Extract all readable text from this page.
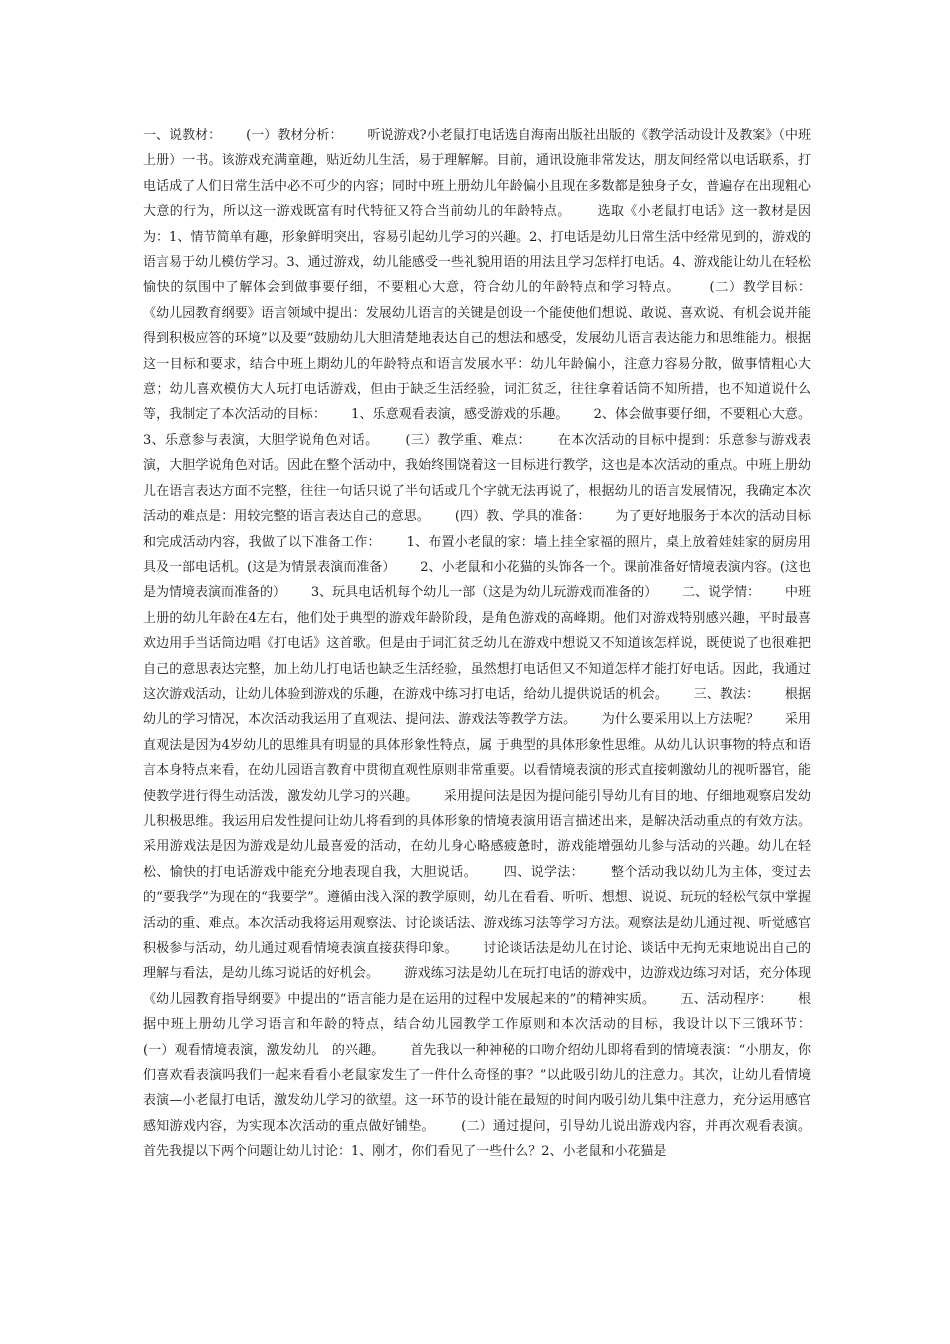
一、说教材：      (一）教材分析：      听说游戏?小老鼠打电话选自海南出版社出版的《教学活动设计及教案》（中班上册）一书。该游戏充满童趣，贴近幼儿生活，易于理解解。目前，通讯设施非常发达，朋友间经常以电话联系，打电话成了人们日常生活中必不可少的内容；同时中班上册幼儿年龄偏小且现在多数都是独身子女，普遍存在出现粗心大意的行为，所以这一游戏既富有时代特征又符合当前幼儿的年龄特点。      选取《小老鼠打电话》这一教材是因为：1、情节简单有趣，形象鲜明突出，容易引起幼儿学习的兴趣。2、打电话是幼儿日常生活中经常见到的，游戏的语言易于幼儿模仿学习。3、通过游戏，幼儿能感受一些礼貌用语的用法且学习怎样打电话。4、游戏能让幼儿在轻松愉快的氛围中了解体会到做事要仔细，不要粗心大意，符合幼儿的年龄特点和学习特点。      (二）教学目标：      《幼儿园教育纲要》语言领域中提出：发展幼儿语言的关键是创设一个能使他们想说、敢说、喜欢说、有机会说并能得到积极应答的环境”以及要“鼓励幼儿大胆清楚地表达自己的想法和感受，发展幼儿语言表达能力和思维能力。根据这一目标和要求，结合中班上期幼儿的年龄特点和语言发展水平：幼儿年龄偏小，注意力容易分散，做事情粗心大意；幼儿喜欢模仿大人玩打电话游戏，但由于缺乏生活经验，词汇贫乏，往往拿着话筒不知所措，也不知道说什么等，我制定了本次活动的目标：      1、乐意观看表演，感受游戏的乐趣。      2、体会做事要仔细，不要粗心大意。      3、乐意参与表演，大胆学说角色对话。      (三）教学重、难点：      在本次活动的目标中提到：乐意参与游戏表演，大胆学说角色对话。因此在整个活动中，我始终围饶着这一目标进行教学，这也是本次活动的重点。中班上册幼儿在语言表达方面不完整，往往一句话只说了半句话或几个字就无法再说了，根据幼儿的语言发展情况，我确定本次活动的难点是：用较完整的语言表达自己的意思。      (四）教、学具的准备：      为了更好地服务于本次的活动目标和完成活动内容，我做了以下准备工作：      1、布置小老鼠的家：墙上挂全家福的照片，桌上放着娃娃家的厨房用具及一部电话机。(这是为情景表演而准备）      2、小老鼠和小花猫的头饰各一个。课前准备好情境表演内容。(这也是为情境表演而准备的）      3、玩具电话机每个幼儿一部（这是为幼儿玩游戏而准备的）      二、说学情：      中班上册的幼儿年龄在4左右，他们处于典型的游戏年龄阶段，是角色游戏的高峰期。他们对游戏特别感兴趣，平时最喜欢边用手当话筒边唱《打电话》这首歌。但是由于词汇贫乏幼儿在游戏中想说又不知道该怎样说，既使说了也很难把自己的意思表达完整，加上幼儿打电话也缺乏生活经验，虽然想打电话但又不知道怎样才能打好电话。因此，我通过这次游戏活动，让幼儿体验到游戏的乐趣，在游戏中练习打电话，给幼儿提供说话的机会。      三、教法：      根据幼儿的学习情况，本次活动我运用了直观法、提问法、游戏法等教学方法。      为什么要采用以上方法呢？      采用直观法是因为4岁幼儿的思维具有明显的具体形象性特点，属 于典型的具体形象性思维。从幼儿认识事物的特点和语言本身特点来看，在幼儿园语言教育中贯彻直观性原则非常重要。以看情境表演的形式直接刺激幼儿的视听器官，能使教学进行得生动活泼，激发幼儿学习的兴趣。      采用提问法是因为提问能引导幼儿有目的地、仔细地观察启发幼 儿积极思维。我运用启发性提问让幼儿将看到的具体形象的情境表演用语言描述出来，是解决活动重点的有效方法。      采用游戏法是因为游戏是幼儿最喜爱的活动，在幼儿身心略感疲惫时，游戏能增强幼儿参与活动的兴趣。幼儿在轻松、愉快的打电话游戏中能充分地表现自我，大胆说话。      四、说学法：      整个活动我以幼儿为主体，变过去的“要我学”为现在的“我要学”。遵循由浅入深的教学原则，幼儿在看看、听听、想想、说说、玩玩的轻松气氛中掌握活动的重、难点。本次活动我将运用观察法、讨论谈话法、游戏练习法等学习方法。观察法是幼儿通过视、听觉感官积极参与活动，幼儿通过观看情境表演直接获得印象。      讨论谈话法是幼儿在讨论、谈话中无拘无束地说出自己的理解与看法，是幼儿练习说话的好机会。      游戏练习法是幼儿在玩打电话的游戏中，边游戏边练习对话，充分体现《幼儿园教育指导纲要》中提出的“语言能力是在运用的过程中发展起来的”的精神实质。      五、活动程序：      根据中班上册幼儿学习语言和年龄的特点，结合幼儿园教学工作原则和本次活动的目标，我设计以下三饿环节：      (一）观看情境表演，激发幼儿   的兴趣。      首先我以一种神秘的口吻介绍幼儿即将看到的情境表演：“小朋友，你们喜欢看表演吗我们一起来看看小老鼠家发生了一件什么奇怪的事？”以此吸引幼儿的注意力。其次，让幼儿看情境表演—小老鼠打电话，激发幼儿学习的欲望。这一环节的设计能在最短的时间内吸引幼儿集中注意力，充分运用感官感知游戏内容，为实现本次活动的重点做好铺垫。      (二）通过提问，引导幼儿说出游戏内容，并再次观看表演。      首先我提以下两个问题让幼儿讨论：1、刚才，你们看见了一些什么？2、小老鼠和小花猫是
